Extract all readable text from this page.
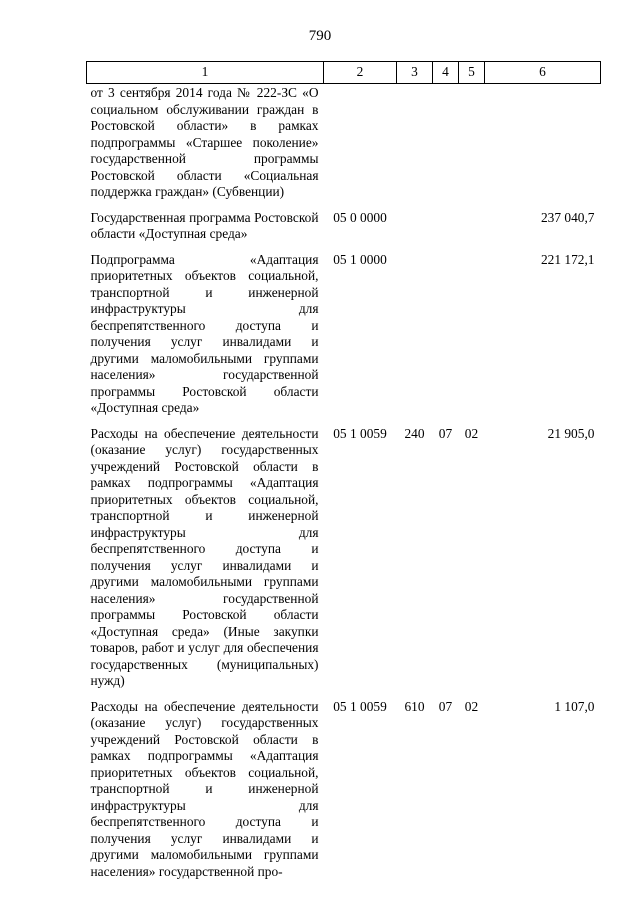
790
1	2	3	4	5	6
от 3 сентября 2014 года № 222-ЗС «О социальном обслуживании граждан в Ростовской области» в рамках подпрограммы «Старшее поколение» государственной программы Ростовской области «Социальная поддержка граждан» (Субвенции)					
Государственная программа Ростовской области «Доступная среда»	05 0 0000				237 040,7
Подпрограмма «Адаптация приоритетных объектов социальной, транспортной и инженерной инфраструктуры для беспрепятственного доступа и получения услуг инвалидами и другими маломобильными группами населения» государственной программы Ростовской области «Доступная среда»	05 1 0000				221 172,1
Расходы на обеспечение деятельности (оказание услуг) государственных учреждений Ростовской области в рамках подпрограммы «Адаптация приоритетных объектов социальной, транспортной и инженерной инфраструктуры для беспрепятственного доступа и получения услуг инвалидами и другими маломобильными группами населения» государственной программы Ростовской области «Доступная среда» (Иные закупки товаров, работ и услуг для обеспечения государственных (муниципальных) нужд)	05 1 0059	240	07	02	21 905,0
Расходы на обеспечение деятельности (оказание услуг) государственных учреждений Ростовской области в рамках подпрограммы «Адаптация приоритетных объектов социальной, транспортной и инженерной инфраструктуры для беспрепятственного доступа и получения услуг инвалидами и другими маломобильными группами населения» государственной про-	05 1 0059	610	07	02	1 107,0
